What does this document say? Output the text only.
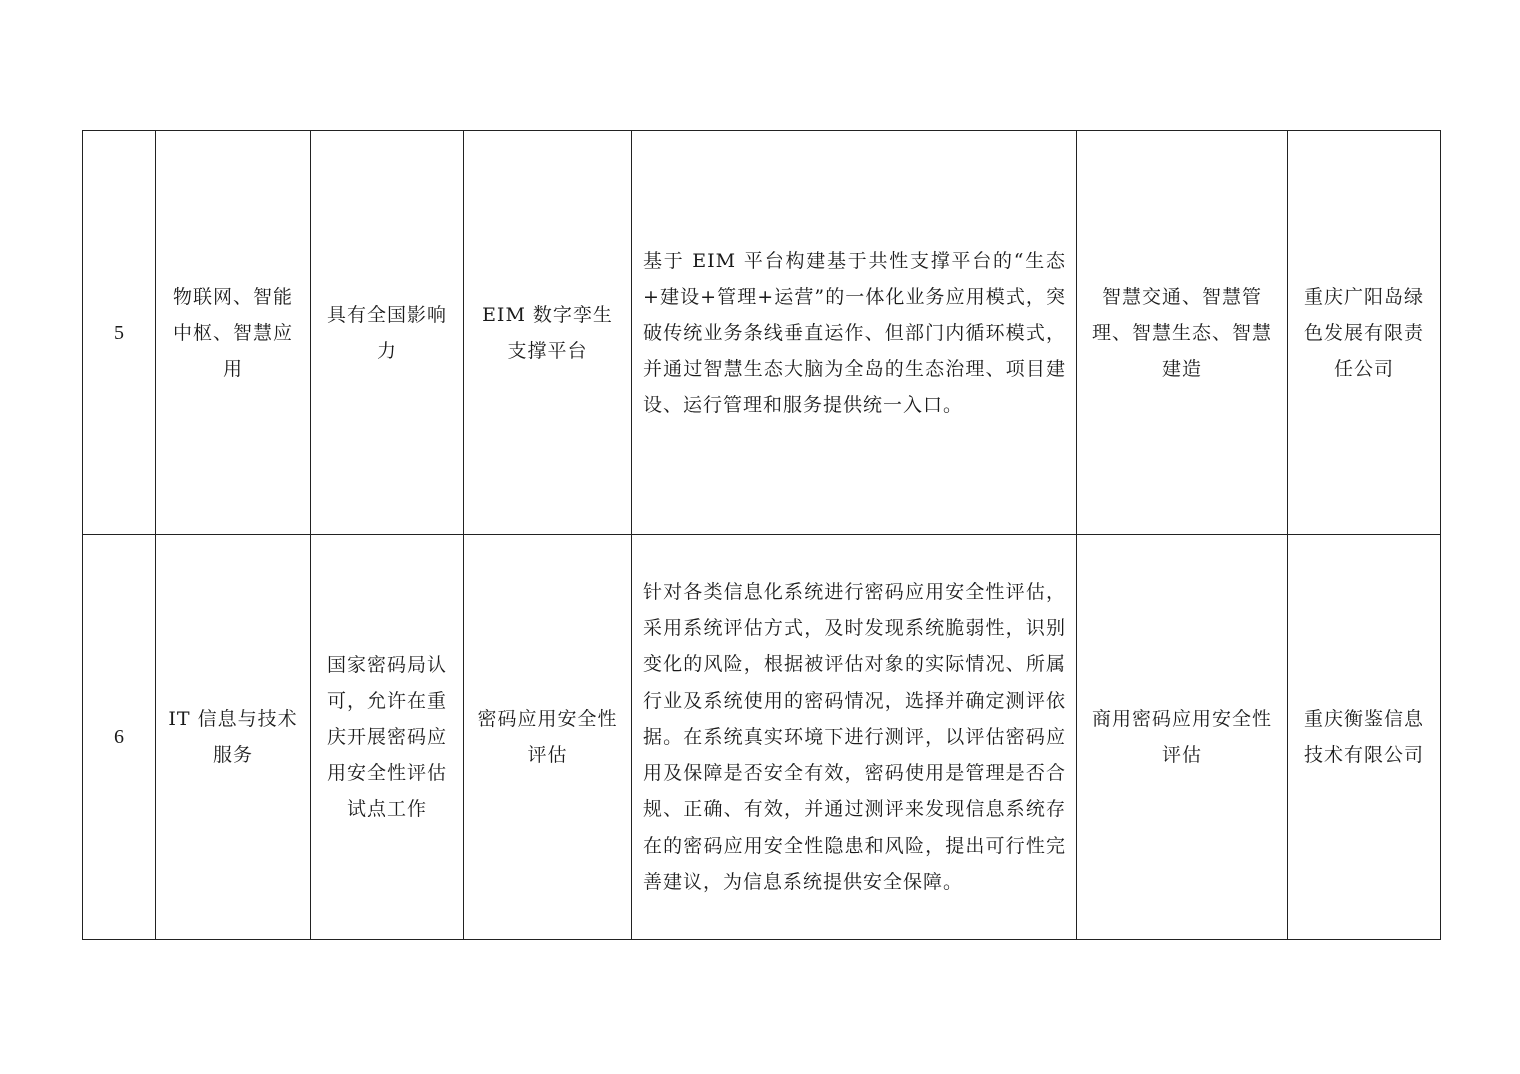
5	物联网、智能中枢、智慧应用	具有全国影响力	EIM 数字孪生支撑平台	基于 EIM 平台构建基于共性支撑平台的“生态+建设+管理+运营”的一体化业务应用模式，突破传统业务条线垂直运作、但部门内循环模式，并通过智慧生态大脑为全岛的生态治理、项目建设、运行管理和服务提供统一入口。	智慧交通、智慧管理、智慧生态、智慧建造	重庆广阳岛绿色发展有限责任公司
6	IT 信息与技术服务	国家密码局认可，允许在重庆开展密码应用安全性评估试点工作	密码应用安全性评估	针对各类信息化系统进行密码应用安全性评估，采用系统评估方式，及时发现系统脆弱性，识别变化的风险，根据被评估对象的实际情况、所属行业及系统使用的密码情况，选择并确定测评依据。在系统真实环境下进行测评，以评估密码应用及保障是否安全有效，密码使用是管理是否合规、正确、有效，并通过测评来发现信息系统存在的密码应用安全性隐患和风险，提出可行性完善建议，为信息系统提供安全保障。	商用密码应用安全性评估	重庆衡鉴信息技术有限公司
